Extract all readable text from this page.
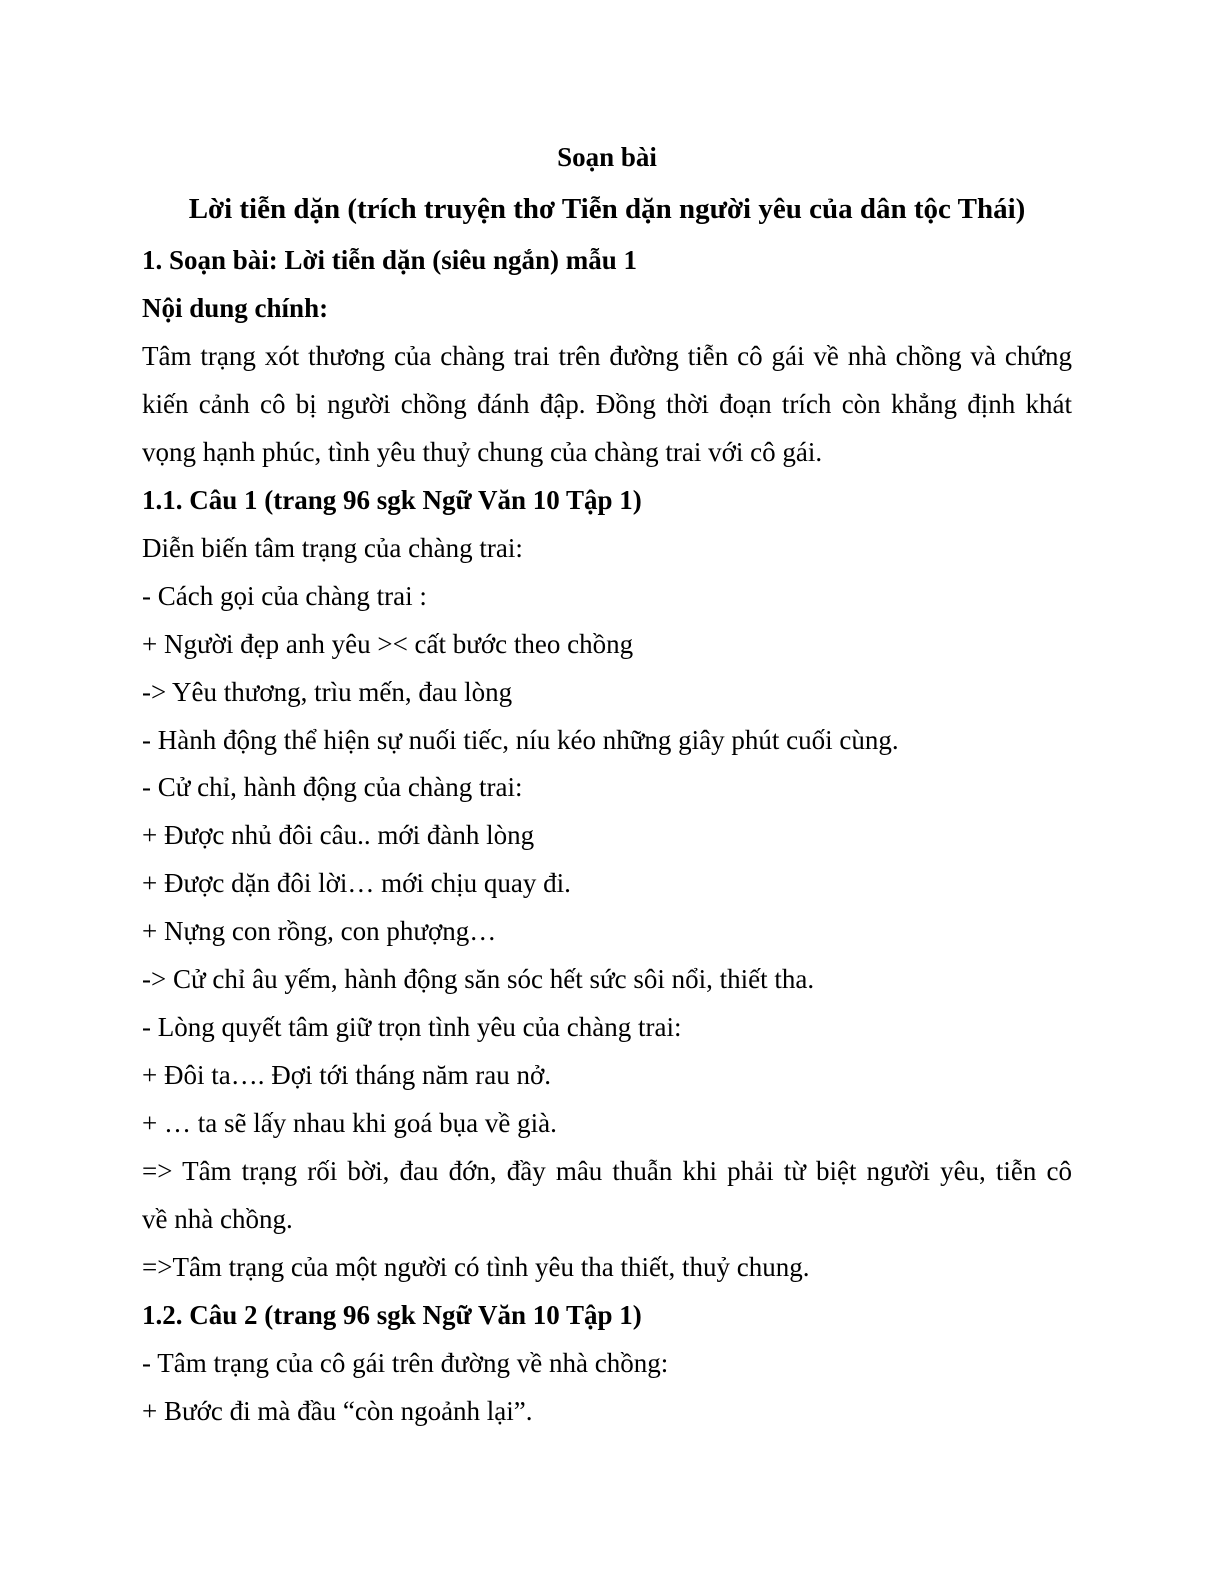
Soạn bài
Lời tiễn dặn (trích truyện thơ Tiễn dặn người yêu của dân tộc Thái)
1. Soạn bài: Lời tiễn dặn (siêu ngắn) mẫu 1
Nội dung chính:
Tâm trạng xót thương của chàng trai trên đường tiễn cô gái về nhà chồng và chứng
kiến cảnh cô bị người chồng đánh đập. Đồng thời đoạn trích còn khẳng định khát
vọng hạnh phúc, tình yêu thuỷ chung của chàng trai với cô gái.
1.1. Câu 1 (trang 96 sgk Ngữ Văn 10 Tập 1)
Diễn biến tâm trạng của chàng trai:
- Cách gọi của chàng trai :
+ Người đẹp anh yêu >< cất bước theo chồng
-> Yêu thương, trìu mến, đau lòng
- Hành động thể hiện sự nuối tiếc, níu kéo những giây phút cuối cùng.
- Cử chỉ, hành động của chàng trai:
+ Được nhủ đôi câu.. mới đành lòng
+ Được dặn đôi lời… mới chịu quay đi.
+ Nựng con rồng, con phượng…
-> Cử chỉ âu yếm, hành động săn sóc hết sức sôi nổi, thiết tha.
- Lòng quyết tâm giữ trọn tình yêu của chàng trai:
+ Đôi ta…. Đợi tới tháng năm rau nở.
+ … ta sẽ lấy nhau khi goá bụa về già.
=> Tâm trạng rối bời, đau đớn, đầy mâu thuẫn khi phải từ biệt người yêu, tiễn cô
về nhà chồng.
=>Tâm trạng của một người có tình yêu tha thiết, thuỷ chung.
1.2. Câu 2 (trang 96 sgk Ngữ Văn 10 Tập 1)
- Tâm trạng của cô gái trên đường về nhà chồng:
+ Bước đi mà đầu “còn ngoảnh lại”.
